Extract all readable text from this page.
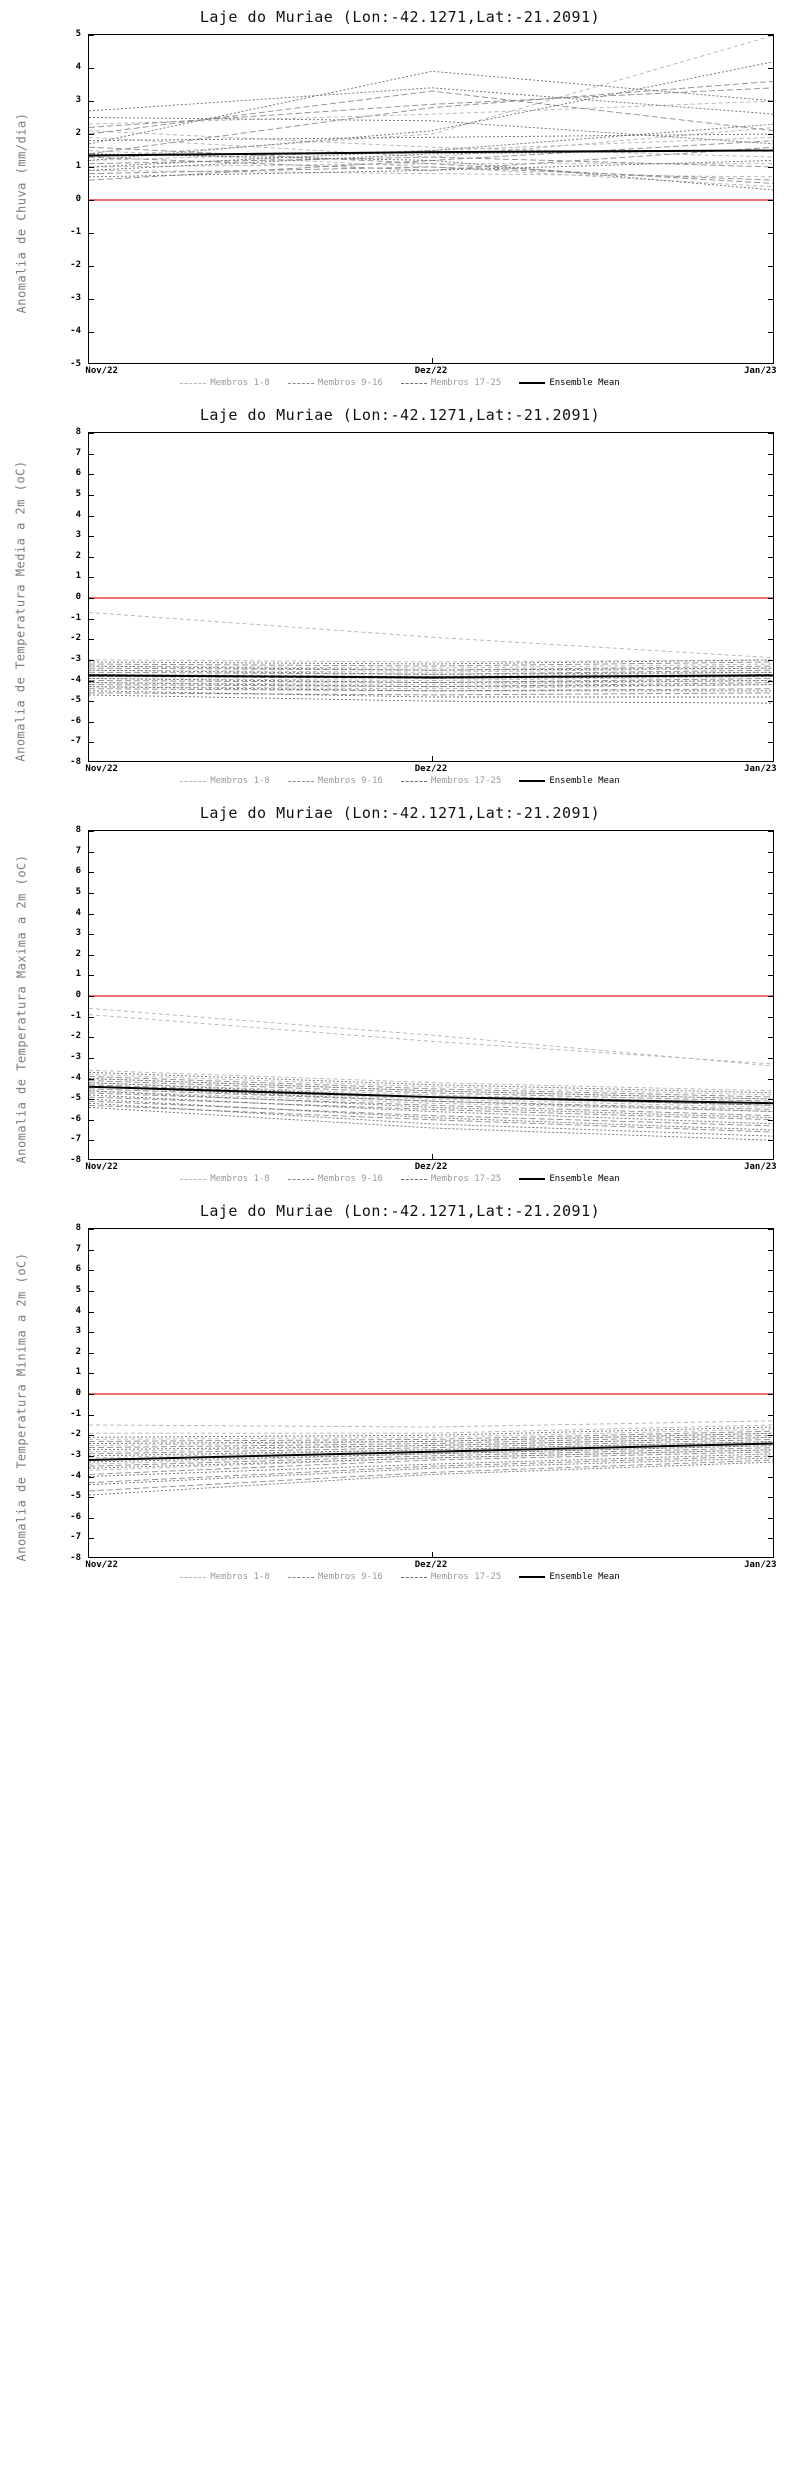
Laje do Muriae (Lon:-42.1271,Lat:-21.2091)
Anomalia de Chuva (mm/dia)
-5
-4
-3
-2
-1
0
1
2
3
4
5
Nov/22	Dez/22	Jan/23
Membros 1-8	Membros 9-16	Membros 17-25	Ensemble Mean
Laje do Muriae (Lon:-42.1271,Lat:-21.2091)
Anomalia de Temperatura Media a 2m (oC)
-8
-7
-6
-5
-4
-3
-2
-1
0
1
2
3
4
5
6
7
8
Nov/22	Dez/22	Jan/23
Membros 1-8	Membros 9-16	Membros 17-25	Ensemble Mean
Laje do Muriae (Lon:-42.1271,Lat:-21.2091)
Anomalia de Temperatura Maxima a 2m (oC)	-8
-7
-6
-5
-4
-3
-2
-1
0
1
2
3
4
5
6
7
8
Nov/22	Dez/22	Jan/23
Membros 1-8	Membros 9-16	Membros 17-25	Ensemble Mean
Laje do Muriae (Lon:-42.1271,Lat:-21.2091)
Anomalia de Temperatura Minima a 2m (oC)	-8
-7
-6
-5
-4
-3
-2
-1
0
1
2
3
4
5
6
7
8
Nov/22	Dez/22	Jan/23
Membros 1-8	Membros 9-16	Membros 17-25	Ensemble Mean
